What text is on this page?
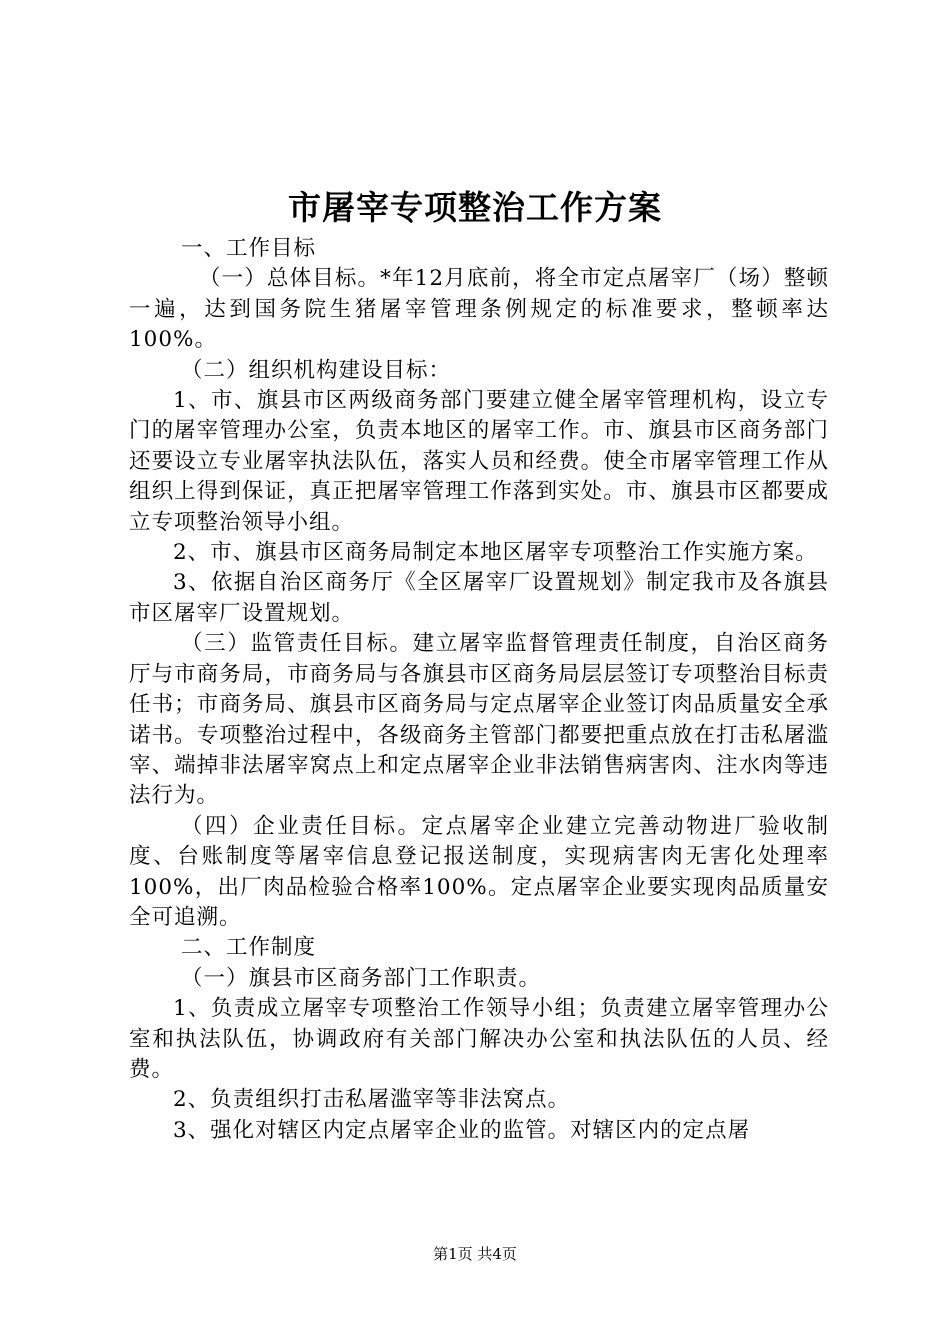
市屠宰专项整治工作方案

一、工作目标

（一）总体目标。*年12月底前，将全市定点屠宰厂（场）整顿一遍，达到国务院生猪屠宰管理条例规定的标准要求，整顿率达100%。

（二）组织机构建设目标：

1、市、旗县市区两级商务部门要建立健全屠宰管理机构，设立专门的屠宰管理办公室，负责本地区的屠宰工作。市、旗县市区商务部门还要设立专业屠宰执法队伍，落实人员和经费。使全市屠宰管理工作从组织上得到保证，真正把屠宰管理工作落到实处。市、旗县市区都要成立专项整治领导小组。

2、市、旗县市区商务局制定本地区屠宰专项整治工作实施方案。

3、依据自治区商务厅《全区屠宰厂设置规划》制定我市及各旗县市区屠宰厂设置规划。

（三）监管责任目标。建立屠宰监督管理责任制度，自治区商务厅与市商务局，市商务局与各旗县市区商务局层层签订专项整治目标责任书；市商务局、旗县市区商务局与定点屠宰企业签订肉品质量安全承诺书。专项整治过程中，各级商务主管部门都要把重点放在打击私屠滥宰、端掉非法屠宰窝点上和定点屠宰企业非法销售病害肉、注水肉等违法行为。

（四）企业责任目标。定点屠宰企业建立完善动物进厂验收制度、台账制度等屠宰信息登记报送制度，实现病害肉无害化处理率100%，出厂肉品检验合格率100%。定点屠宰企业要实现肉品质量安全可追溯。

二、工作制度

（一）旗县市区商务部门工作职责。

1、负责成立屠宰专项整治工作领导小组；负责建立屠宰管理办公室和执法队伍，协调政府有关部门解决办公室和执法队伍的人员、经费。

2、负责组织打击私屠滥宰等非法窝点。

3、强化对辖区内定点屠宰企业的监管。对辖区内的定点屠

第1页 共4页
